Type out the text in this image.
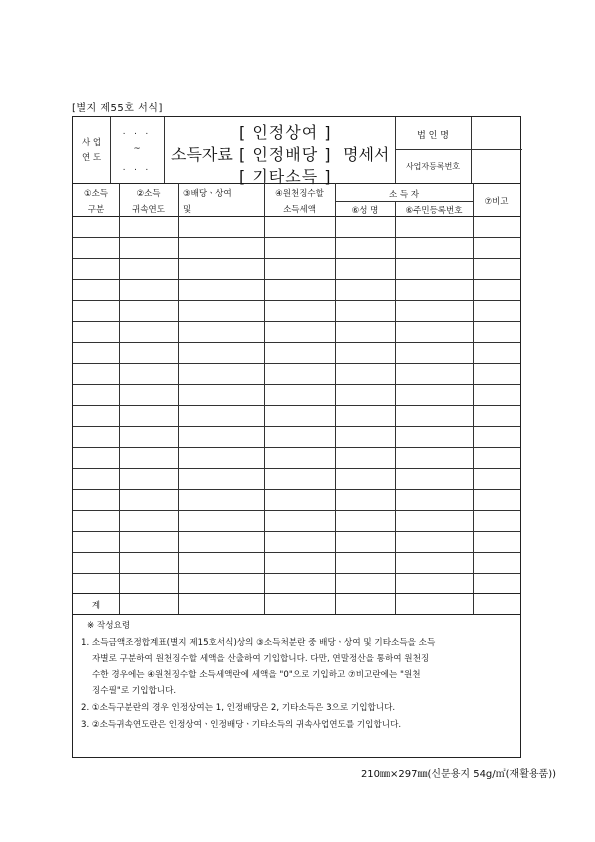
[별지 제55호 서식]
사 업
연 도
. . .
~
. . .
소득자료
[ 인정상여 ]
[ 인정배당 ]
[ 기타소득 ]
명세서
법 인 명
사업자등록번호
①소득
구분
②소득
귀속연도
③배당ㆍ상여
및
④원천징수할
소득세액
소 득 자
⑥성 명	⑥주민등록번호
⑦비고
계
※ 작성요령
1. 소득금액조정합계표(별지 제15호서식)상의 ③소득처분란 중 배당ㆍ상여 및 기타소득을 소득
자별로 구분하여 원천징수할 세액을 산출하여 기입합니다. 다만, 연말정산을 통하여 원천징
수한 경우에는 ④원천징수할 소득세액란에 세액을 "0"으로 기입하고 ⑦비고란에는 "원천
징수필"로 기입합니다.
2. ①소득구분란의 경우 인정상여는 1, 인정배당은 2, 기타소득은 3으로 기입합니다.
3. ②소득귀속연도란은 인정상여ㆍ인정배당ㆍ기타소득의 귀속사업연도를 기입합니다.
210㎜×297㎜(신문용지 54g/㎡(재활용품))
